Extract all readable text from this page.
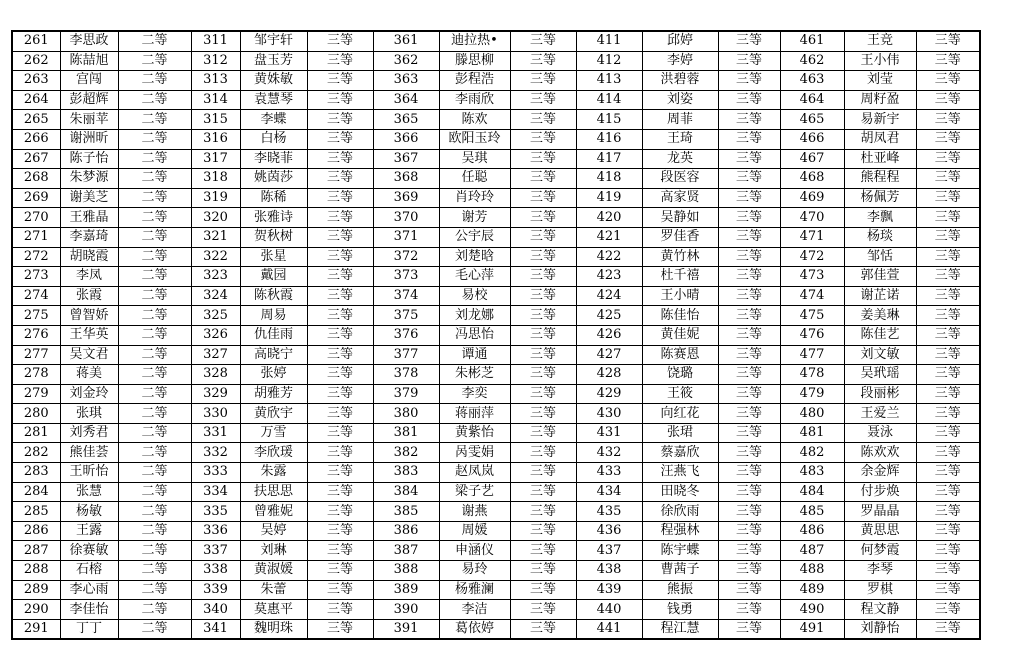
261	李思政	二等	311	邹宇轩	三等	361	迪拉热•	三等	411	邱婷	三等	461	王竞	三等
262	陈喆旭	二等	312	盘玉芳	三等	362	滕思柳	三等	412	李婷	三等	462	王小伟	三等
263	宫闯	二等	313	黄姝敏	三等	363	彭程浩	三等	413	洪碧蓉	三等	463	刘莹	三等
264	彭超辉	二等	314	袁慧琴	三等	364	李雨欣	三等	414	刘姿	三等	464	周籽盈	三等
265	朱丽苹	二等	315	李蝶	三等	365	陈欢	三等	415	周菲	三等	465	易新宇	三等
266	谢洲昕	二等	316	白杨	三等	366	欧阳玉玲	三等	416	王琦	三等	466	胡凤君	三等
267	陈子怡	二等	317	李晓菲	三等	367	吴琪	三等	417	龙英	三等	467	杜亚峰	三等
268	朱梦源	二等	318	姚茵莎	三等	368	任聪	三等	418	段医容	三等	468	熊程程	三等
269	谢美芝	二等	319	陈稀	三等	369	肖玲玲	三等	419	高家贤	三等	469	杨佩芳	三等
270	王雅晶	二等	320	张雅诗	三等	370	谢芳	三等	420	吴静如	三等	470	李飘	三等
271	李嘉琦	二等	321	贺秋树	三等	371	公宇辰	三等	421	罗佳香	三等	471	杨琰	三等
272	胡晓霞	二等	322	张星	三等	372	刘楚晗	三等	422	黄竹林	三等	472	邹恬	三等
273	李凤	二等	323	戴园	三等	373	毛心萍	三等	423	杜千禧	三等	473	郭佳萱	三等
274	张霞	二等	324	陈秋霞	三等	374	易校	三等	424	王小晴	三等	474	谢芷诺	三等
275	曾智娇	二等	325	周易	三等	375	刘龙娜	三等	425	陈佳怡	三等	475	姜美琳	三等
276	王华英	二等	326	仇佳雨	三等	376	冯思怡	三等	426	黄佳妮	三等	476	陈佳艺	三等
277	吴文君	二等	327	高晓宁	三等	377	谭通	三等	427	陈赛恩	三等	477	刘文敏	三等
278	蒋美	二等	328	张婷	三等	378	朱彬芝	三等	428	饶璐	三等	478	吴玳瑶	三等
279	刘金玲	二等	329	胡雅芳	三等	379	李奕	三等	429	王筱	三等	479	段丽彬	三等
280	张琪	二等	330	黄欣宇	三等	380	蒋丽萍	三等	430	向红花	三等	480	王爱兰	三等
281	刘秀君	二等	331	万雪	三等	381	黄紫怡	三等	431	张珺	三等	481	聂泳	三等
282	熊佳荟	二等	332	李欣瑗	三等	382	呙雯娟	三等	432	蔡嘉欣	三等	482	陈欢欢	三等
283	王昕怡	二等	333	朱露	三等	383	赵凤岚	三等	433	汪燕飞	三等	483	余金辉	三等
284	张慧	二等	334	扶思思	三等	384	梁子艺	三等	434	田晓冬	三等	484	付步焕	三等
285	杨敏	二等	335	曾雅妮	三等	385	谢燕	三等	435	徐欣雨	三等	485	罗晶晶	三等
286	王露	二等	336	吴婷	三等	386	周媛	三等	436	程强林	三等	486	黄思思	三等
287	徐赛敏	二等	337	刘琳	三等	387	申涵仪	三等	437	陈宇蝶	三等	487	何梦霞	三等
288	石榕	二等	338	黄淑媛	三等	388	易玲	三等	438	曹茜子	三等	488	李琴	三等
289	李心雨	二等	339	朱蕾	三等	389	杨雅澜	三等	439	熊振	三等	489	罗棋	三等
290	李佳怡	二等	340	莫惠平	三等	390	李洁	三等	440	钱勇	三等	490	程文静	三等
291	丁丁	二等	341	魏明珠	三等	391	葛依婷	三等	441	程江慧	三等	491	刘静怡	三等
